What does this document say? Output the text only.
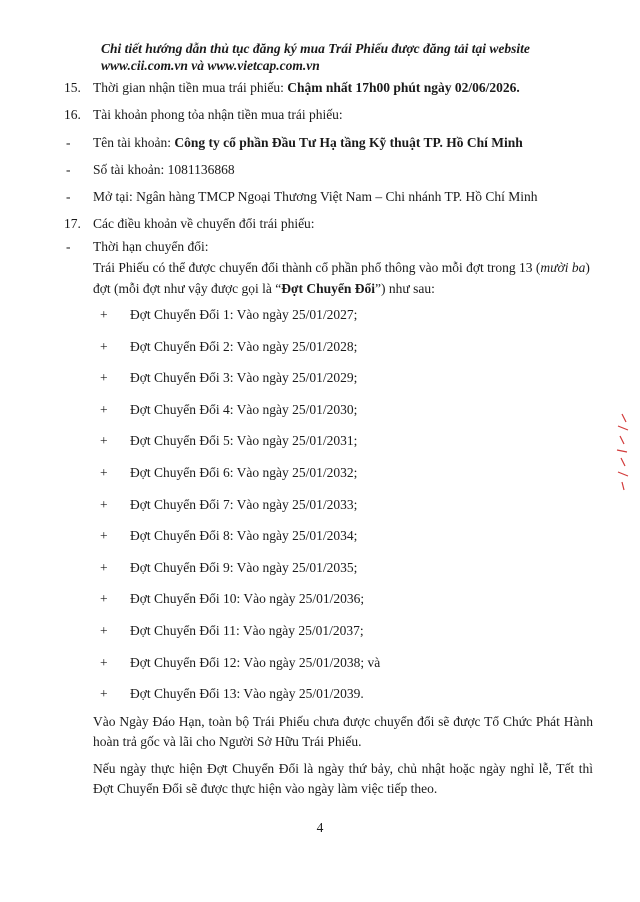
Chi tiết hướng dẫn thủ tục đăng ký mua Trái Phiếu được đăng tải tại website
www.cii.com.vn và www.vietcap.com.vn
15. Thời gian nhận tiền mua trái phiếu: Chậm nhất 17h00 phút ngày 02/06/2026.
16. Tài khoản phong tỏa nhận tiền mua trái phiếu:
- Tên tài khoản: Công ty cổ phần Đầu Tư Hạ tầng Kỹ thuật TP. Hồ Chí Minh
- Số tài khoản: 1081136868
- Mở tại: Ngân hàng TMCP Ngoại Thương Việt Nam – Chi nhánh TP. Hồ Chí Minh
17. Các điều khoản về chuyển đổi trái phiếu:
- Thời hạn chuyển đổi:
Trái Phiếu có thể được chuyển đổi thành cổ phần phổ thông vào mỗi đợt trong 13 (mười ba)
đợt (mỗi đợt như vậy được gọi là “Đợt Chuyển Đổi”) như sau:
+ Đợt Chuyển Đổi 1: Vào ngày 25/01/2027;
+ Đợt Chuyển Đổi 2: Vào ngày 25/01/2028;
+ Đợt Chuyển Đổi 3: Vào ngày 25/01/2029;
+ Đợt Chuyển Đổi 4: Vào ngày 25/01/2030;
+ Đợt Chuyển Đổi 5: Vào ngày 25/01/2031;
+ Đợt Chuyển Đổi 6: Vào ngày 25/01/2032;
+ Đợt Chuyển Đổi 7: Vào ngày 25/01/2033;
+ Đợt Chuyển Đổi 8: Vào ngày 25/01/2034;
+ Đợt Chuyển Đổi 9: Vào ngày 25/01/2035;
+ Đợt Chuyển Đổi 10: Vào ngày 25/01/2036;
+ Đợt Chuyển Đổi 11: Vào ngày 25/01/2037;
+ Đợt Chuyển Đổi 12: Vào ngày 25/01/2038; và
+ Đợt Chuyển Đổi 13: Vào ngày 25/01/2039.
Vào Ngày Đáo Hạn, toàn bộ Trái Phiếu chưa được chuyển đổi sẽ được Tổ Chức Phát Hành hoàn trả gốc và lãi cho Người Sở Hữu Trái Phiếu.
Nếu ngày thực hiện Đợt Chuyển Đổi là ngày thứ bảy, chủ nhật hoặc ngày nghỉ lễ, Tết thì Đợt Chuyển Đổi sẽ được thực hiện vào ngày làm việc tiếp theo.
4
